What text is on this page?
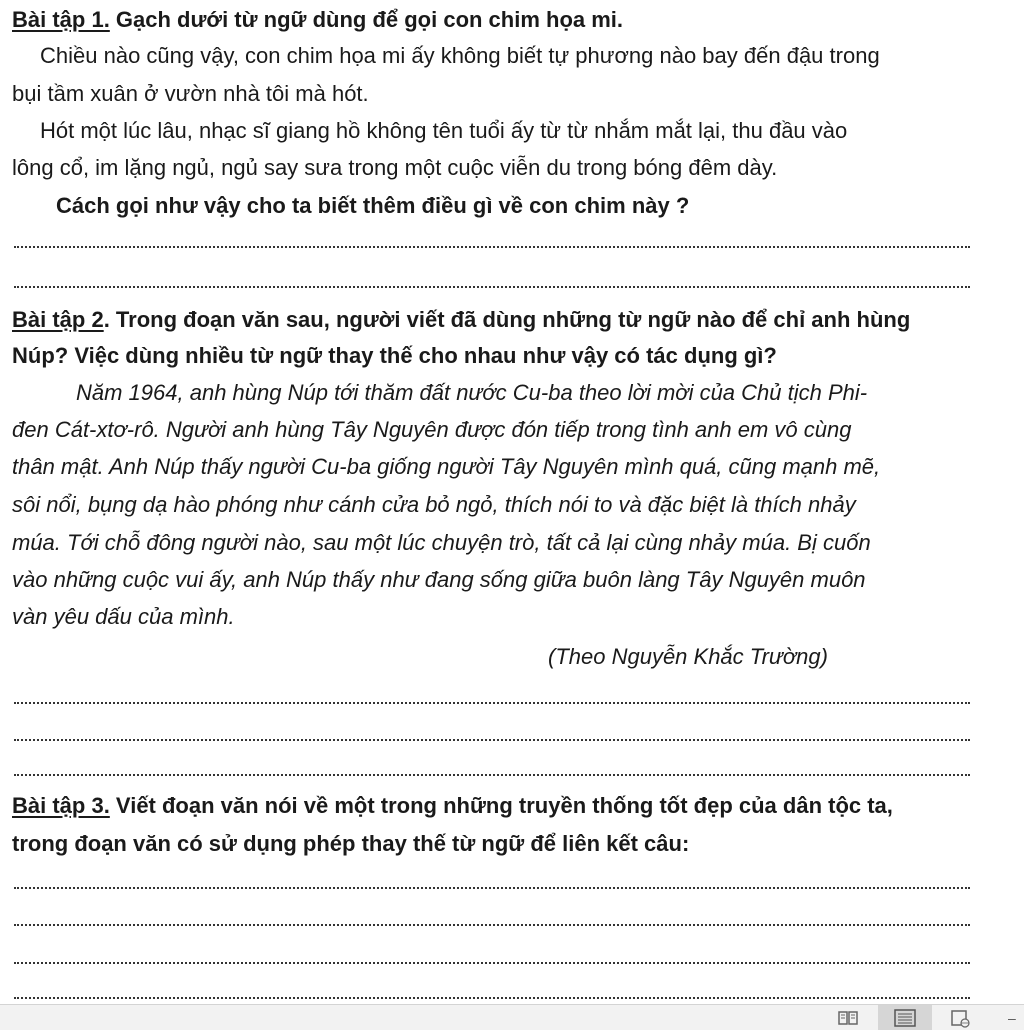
Bài tập 1. Gạch dưới từ ngữ dùng để gọi con chim họa mi.
Chiều nào cũng vậy, con chim họa mi ấy không biết tự phương nào bay đến đậu trong
bụi tầm xuân ở vườn nhà tôi mà hót.
Hót một lúc lâu, nhạc sĩ giang hồ không tên tuổi ấy từ từ nhắm mắt lại, thu đầu vào
lông cổ, im lặng ngủ, ngủ say sưa trong một cuộc viễn du trong bóng đêm dày.
Cách gọi như vậy cho ta biết thêm điều gì về con chim này ?
Bài tập 2. Trong đoạn văn sau, người viết đã dùng những từ ngữ nào để chỉ anh hùng
Núp? Việc dùng nhiều từ ngữ thay thế cho nhau như vậy có tác dụng gì?
Năm 1964, anh hùng Núp tới thăm đất nước Cu-ba theo lời mời của Chủ tịch Phi-
đen Cát-xtơ-rô. Người anh hùng Tây Nguyên được đón tiếp trong tình anh em vô cùng
thân mật. Anh Núp thấy người Cu-ba giống người Tây Nguyên mình quá, cũng mạnh mẽ,
sôi nổi, bụng dạ hào phóng như cánh cửa bỏ ngỏ, thích nói to và đặc biệt là thích nhảy
múa. Tới chỗ đông người nào, sau một lúc chuyện trò, tất cả lại cùng nhảy múa. Bị cuốn
vào những cuộc vui ấy, anh Núp thấy như đang sống giữa buôn làng Tây Nguyên muôn
vàn yêu dấu của mình.
(Theo Nguyễn Khắc Trường)
Bài tập 3. Viết đoạn văn nói về một trong những truyền thống tốt đẹp của dân tộc ta,
trong đoạn văn có sử dụng phép thay thế từ ngữ để liên kết câu:
–
